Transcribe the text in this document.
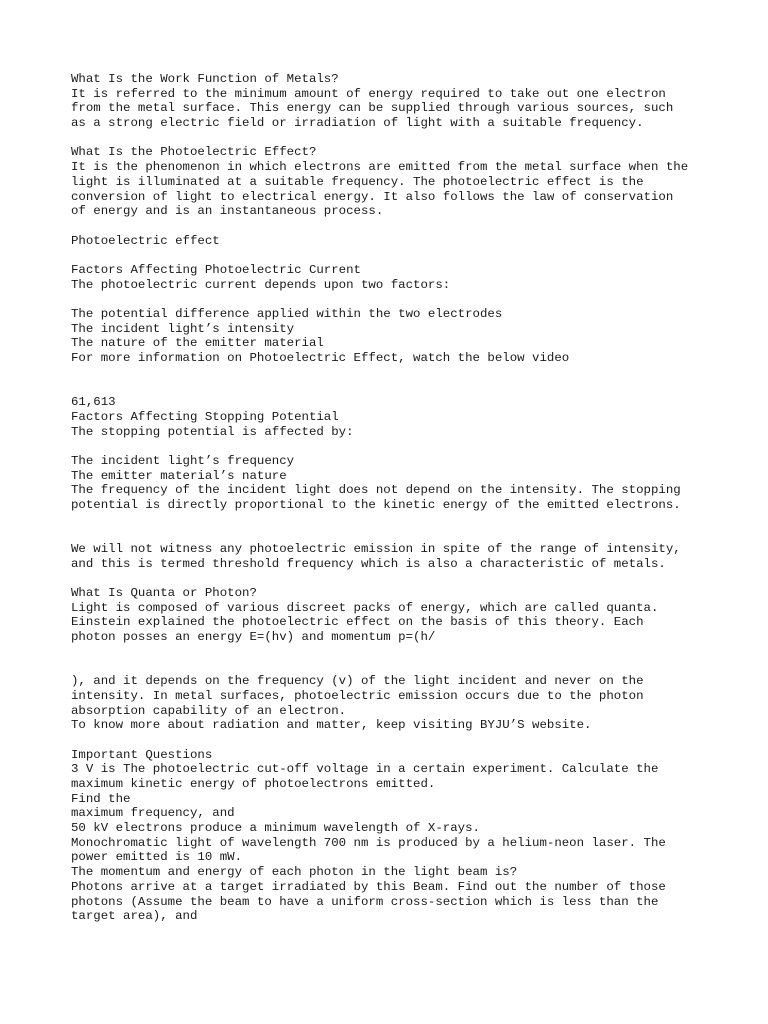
What Is the Work Function of Metals?
It is referred to the minimum amount of energy required to take out one electron
from the metal surface. This energy can be supplied through various sources, such
as a strong electric field or irradiation of light with a suitable frequency.
What Is the Photoelectric Effect?
It is the phenomenon in which electrons are emitted from the metal surface when the
light is illuminated at a suitable frequency. The photoelectric effect is the
conversion of light to electrical energy. It also follows the law of conservation
of energy and is an instantaneous process.
Photoelectric effect
Factors Affecting Photoelectric Current
The photoelectric current depends upon two factors:
The potential difference applied within the two electrodes
The incident light’s intensity
The nature of the emitter material
For more information on Photoelectric Effect, watch the below video
61,613
Factors Affecting Stopping Potential
The stopping potential is affected by:
The incident light’s frequency
The emitter material’s nature
The frequency of the incident light does not depend on the intensity. The stopping
potential is directly proportional to the kinetic energy of the emitted electrons.
We will not witness any photoelectric emission in spite of the range of intensity,
and this is termed threshold frequency which is also a characteristic of metals.
What Is Quanta or Photon?
Light is composed of various discreet packs of energy, which are called quanta.
Einstein explained the photoelectric effect on the basis of this theory. Each
photon posses an energy E=(hv) and momentum p=(h/
), and it depends on the frequency (v) of the light incident and never on the
intensity. In metal surfaces, photoelectric emission occurs due to the photon
absorption capability of an electron.
To know more about radiation and matter, keep visiting BYJU’S website.
Important Questions
3 V is The photoelectric cut-off voltage in a certain experiment. Calculate the
maximum kinetic energy of photoelectrons emitted.
Find the
maximum frequency, and
50 kV electrons produce a minimum wavelength of X-rays.
Monochromatic light of wavelength 700 nm is produced by a helium-neon laser. The
power emitted is 10 mW.
The momentum and energy of each photon in the light beam is?
Photons arrive at a target irradiated by this Beam. Find out the number of those
photons (Assume the beam to have a uniform cross-section which is less than the
target area), and
